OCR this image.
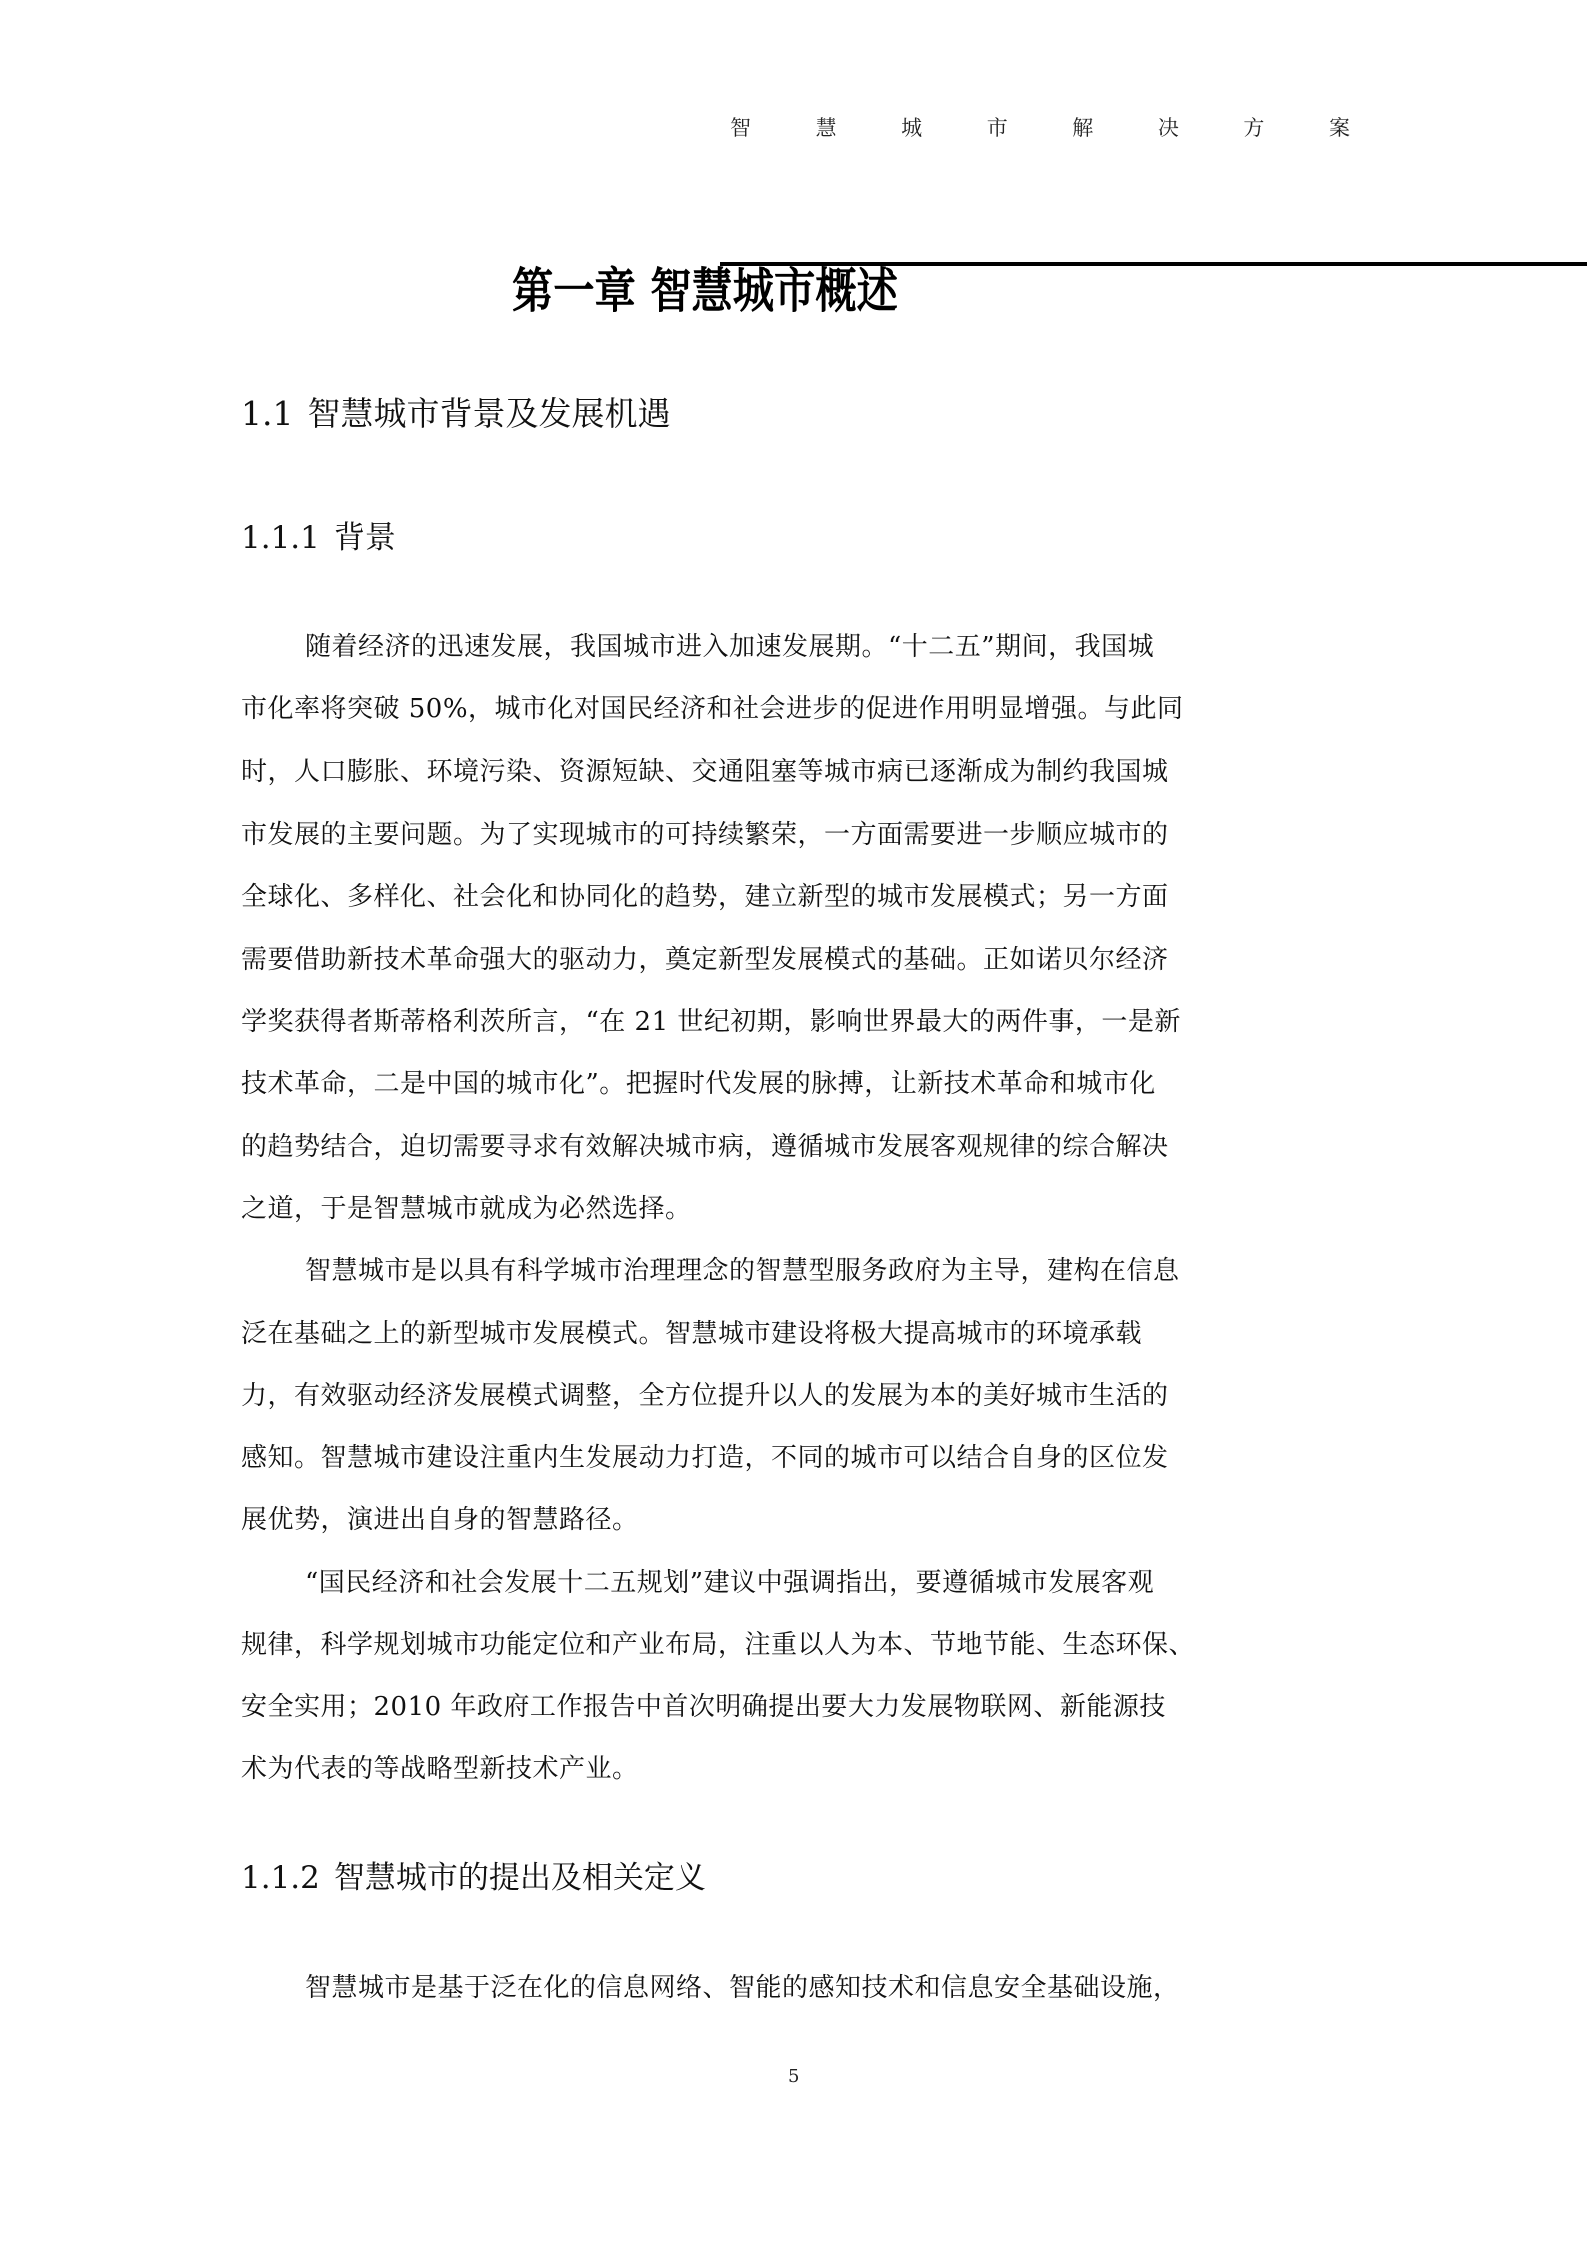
智	慧	城	市	解	决	方	案
第一章 智慧城市概述
1.1 智慧城市背景及发展机遇
1.1.1 背景
随着经济的迅速发展，我国城市进入加速发展期。“十二五”期间，我国城
市化率将突破 50%，城市化对国民经济和社会进步的促进作用明显增强。与此同
时，人口膨胀、环境污染、资源短缺、交通阻塞等城市病已逐渐成为制约我国城
市发展的主要问题。为了实现城市的可持续繁荣，一方面需要进一步顺应城市的
全球化、多样化、社会化和协同化的趋势，建立新型的城市发展模式；另一方面
需要借助新技术革命强大的驱动力，奠定新型发展模式的基础。正如诺贝尔经济
学奖获得者斯蒂格利茨所言，“在 21 世纪初期，影响世界最大的两件事，一是新
技术革命，二是中国的城市化”。把握时代发展的脉搏，让新技术革命和城市化
的趋势结合，迫切需要寻求有效解决城市病，遵循城市发展客观规律的综合解决
之道，于是智慧城市就成为必然选择。
智慧城市是以具有科学城市治理理念的智慧型服务政府为主导，建构在信息
泛在基础之上的新型城市发展模式。智慧城市建设将极大提高城市的环境承载
力，有效驱动经济发展模式调整，全方位提升以人的发展为本的美好城市生活的
感知。智慧城市建设注重内生发展动力打造，不同的城市可以结合自身的区位发
展优势，演进出自身的智慧路径。
“国民经济和社会发展十二五规划”建议中强调指出，要遵循城市发展客观
规律，科学规划城市功能定位和产业布局，注重以人为本、节地节能、生态环保、
安全实用；2010 年政府工作报告中首次明确提出要大力发展物联网、新能源技
术为代表的等战略型新技术产业。
1.1.2 智慧城市的提出及相关定义
智慧城市是基于泛在化的信息网络、智能的感知技术和信息安全基础设施，
5
